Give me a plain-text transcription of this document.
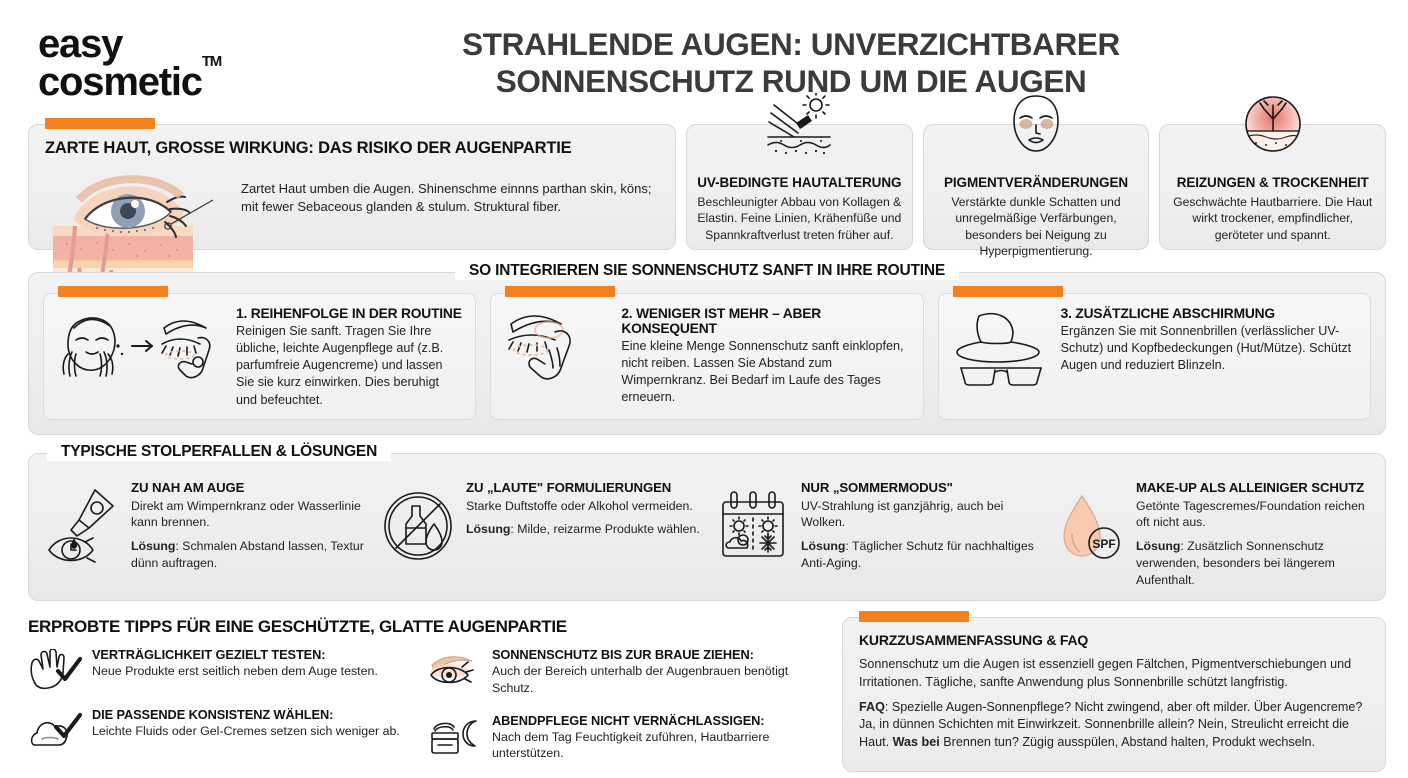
easy
cosmetic™	STRAHLENDE AUGEN: UNVERZICHTBARER
SONNENSCHUTZ RUND UM DIE AUGEN
ZARTE HAUT, GROSSE WIRKUNG: DAS RISIKO DER AUGENPARTIE
Zartet Haut umben die Augen. Shinenschme einnns parthan skin, köns; mit fewer Sebaceous glanden & stulum. Struktural fiber.
UV-BEDINGTE HAUTALTERUNG
Beschleunigter Abbau von Kollagen & Elastin. Feine Linien, Krähenfüße und Spannkraftverlust treten früher auf.
PIGMENTVERÄNDERUNGEN
Verstärkte dunkle Schatten und unregelmäßige Verfärbungen, besonders bei Neigung zu Hyperpigmentierung.
REIZUNGEN & TROCKENHEIT
Geschwächte Hautbarriere. Die Haut wirkt trockener, empfindlicher, geröteter und spannt.
SO INTEGRIEREN SIE SONNENSCHUTZ SANFT IN IHRE ROUTINE
1. REIHENFOLGE IN DER ROUTINE
Reinigen Sie sanft. Tragen Sie Ihre übliche, leichte Augenpflege auf (z.B. parfumfreie Augencreme) und lassen Sie sie kurz einwirken. Dies beruhigt und befeuchtet.
2. WENIGER IST MEHR – ABER KONSEQUENT
Eine kleine Menge Sonnenschutz sanft einklopfen, nicht reiben. Lassen Sie Abstand zum Wimpernkranz. Bei Bedarf im Laufe des Tages erneuern.
3. ZUSÄTZLICHE ABSCHIRMUNG
Ergänzen Sie mit Sonnenbrillen (verlässlicher UV-Schutz) und Kopfbedeckungen (Hut/Mütze). Schützt Augen und reduziert Blinzeln.
TYPISCHE STOLPERFALLEN & LÖSUNGEN
ZU NAH AM AUGE
Direkt am Wimpernkranz oder Wasserlinie kann brennen.
Lösung: Schmalen Abstand lassen, Textur dünn auftragen.
ZU „LAUTE" FORMULIERUNGEN
Starke Duftstoffe oder Alkohol vermeiden.
Lösung: Milde, reizarme Produkte wählen.
NUR „SOMMERMODUS"
UV-Strahlung ist ganzjährig, auch bei Wolken.
Lösung: Täglicher Schutz für nachhaltiges Anti-Aging.
SPF
MAKE-UP ALS ALLEINIGER SCHUTZ
Getönte Tagescremes/Foundation reichen oft nicht aus.
Lösung: Zusätzlich Sonnenschutz verwenden, besonders bei längerem Aufenthalt.
ERPROBTE TIPPS FÜR EINE GESCHÜTZTE, GLATTE AUGENPARTIE
VERTRÄGLICHKEIT GEZIELT TESTEN:
Neue Produkte erst seitlich neben dem Auge testen.
DIE PASSENDE KONSISTENZ WÄHLEN:
Leichte Fluids oder Gel-Cremes setzen sich weniger ab.
SONNENSCHUTZ BIS ZUR BRAUE ZIEHEN:
Auch der Bereich unterhalb der Augenbrauen benötigt Schutz.
ABENDPFLEGE NICHT VERNÄCHLASSIGEN:
Nach dem Tag Feuchtigkeit zuführen, Hautbarriere unterstützen.
KURZZUSAMMENFASSUNG & FAQ
Sonnenschutz um die Augen ist essenziell gegen Fältchen, Pigmentverschiebungen und Irritationen. Tägliche, sanfte Anwendung plus Sonnenbrille schützt langfristig.
FAQ: Spezielle Augen-Sonnenpflege? Nicht zwingend, aber oft milder. Über Augencreme? Ja, in dünnen Schichten mit Einwirkzeit. Sonnenbrille allein? Nein, Streulicht erreicht die Haut. Was bei Brennen tun? Zügig ausspülen, Abstand halten, Produkt wechseln.
